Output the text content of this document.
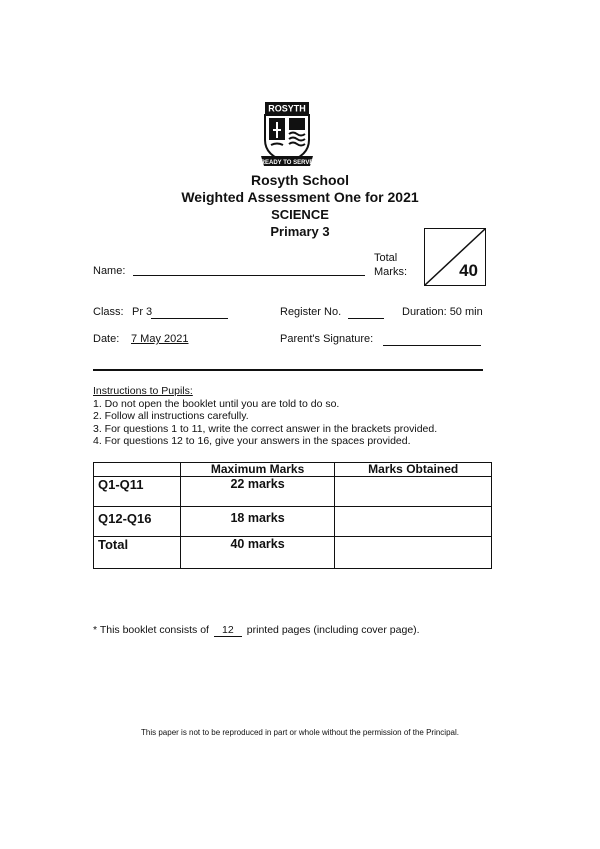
ROSYTH
READY TO SERVE
Rosyth School
Weighted Assessment One for 2021
SCIENCE
Primary 3
Name:
Total
Marks:	40
Class: Pr 3	Register No.	Duration: 50 min
Date: 7 May 2021	Parent's Signature:
Instructions to Pupils:
1. Do not open the booklet until you are told to do so.
2. Follow all instructions carefully.
3. For questions 1 to 11, write the correct answer in the brackets provided.
4. For questions 12 to 16, give your answers in the spaces provided.
	Maximum Marks	Marks Obtained
Q1-Q11	22 marks	
Q12-Q16	18 marks	
Total	40 marks	
* This booklet consists of 12 printed pages (including cover page).
This paper is not to be reproduced in part or whole without the permission of the Principal.
